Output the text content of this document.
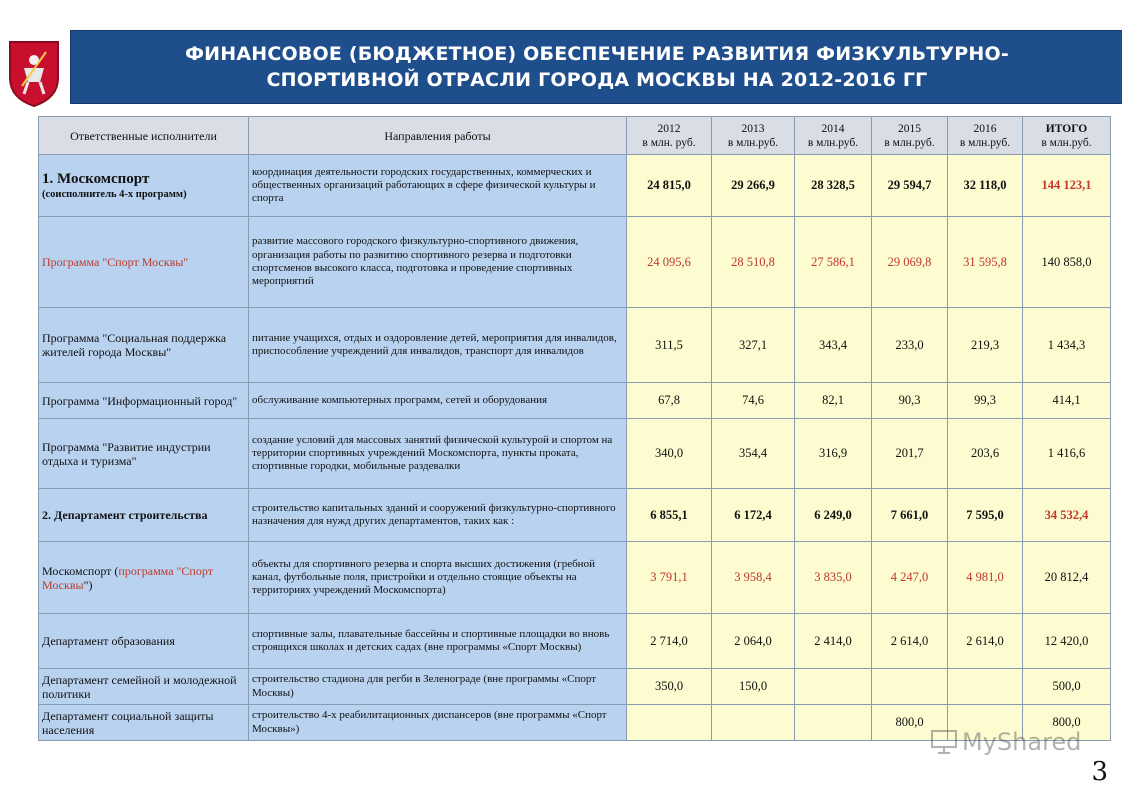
ФИНАНСОВОЕ (БЮДЖЕТНОЕ) ОБЕСПЕЧЕНИЕ РАЗВИТИЯ ФИЗКУЛЬТУРНО-
СПОРТИВНОЙ ОТРАСЛИ ГОРОДА МОСКВЫ НА 2012-2016 ГГ
Ответственные исполнители	Направления работы	2012
в млн. руб.	2013
в млн.руб.	2014
в млн.руб.	2015
в млн.руб.	2016
в млн.руб.	ИТОГО
в млн.руб.

1. Москомспорт
(соисполнитель 4-х программ)	координация деятельности городских государственных, коммерческих и общественных организаций работающих в сфере физической культуры и спорта	24 815,0	29 266,9	28 328,5	29 594,7	32 118,0	144 123,1
Программа "Спорт Москвы"	развитие массового городского физкультурно-спортивного движения, организация работы по развитию спортивного резерва и подготовки спортсменов высокого класса, подготовка и проведение спортивных мероприятий	24 095,6	28 510,8	27 586,1	29 069,8	31 595,8	140 858,0
Программа "Социальная поддержка жителей города Москвы"	питание учащихся, отдых и оздоровление детей, мероприятия для инвалидов, приспособление учреждений для инвалидов, транспорт для инвалидов	311,5	327,1	343,4	233,0	219,3	1 434,3
Программа "Информационный город"	обслуживание компьютерных программ, сетей и оборудования	67,8	74,6	82,1	90,3	99,3	414,1
Программа "Развитие индустрии отдыха и туризма"	создание условий для массовых занятий физической культурой и спортом на территории спортивных учреждений Москомспорта, пункты проката, спортивные городки, мобильные раздевалки	340,0	354,4	316,9	201,7	203,6	1 416,6
2. Департамент строительства	строительство капитальных зданий и сооружений физкультурно-спортивного назначения для нужд других департаментов, таких как :	6 855,1	6 172,4	6 249,0	7 661,0	7 595,0	34 532,4
Москомспорт (программа "Спорт Москвы")	объекты для спортивного резерва и спорта высших достижения (гребной канал, футбольные поля, пристройки и отдельно стоящие объекты на территориях учреждений Москомспорта)	3 791,1	3 958,4	3 835,0	4 247,0	4 981,0	20 812,4
Департамент образования	спортивные залы, плавательные бассейны и спортивные площадки во вновь строящихся школах и детских садах (вне программы «Спорт Москвы)	2 714,0	2 064,0	2 414,0	2 614,0	2 614,0	12 420,0
Департамент семейной и молодежной политики	строительство стадиона для регби в Зеленограде (вне программы «Спорт Москвы)	350,0	150,0				500,0
Департамент социальной защиты населения	строительство 4-х реабилитационных диспансеров (вне программы «Спорт Москвы»)				800,0		800,0
MyShared
3
